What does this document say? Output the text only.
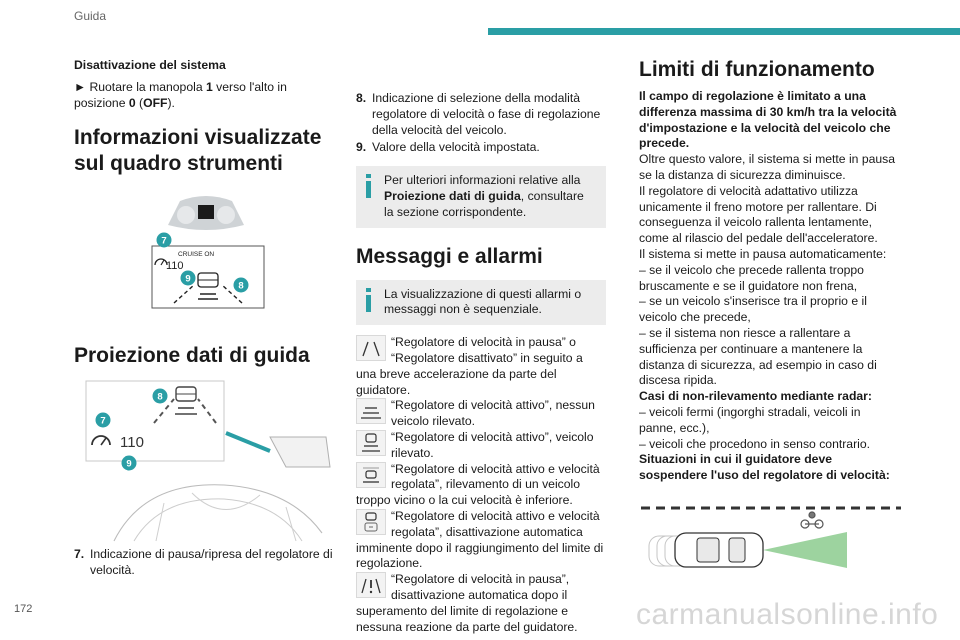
Guida
172	carmanualsonline.info

Disattivazione del sistema

► Ruotare la manopola 1 verso l'alto in posizione 0 (OFF).

Informazioni visualizzate sul quadro strumenti
CRUISE ON
110
7
9
8
Proiezione dati di guida
110
8
7
9
7. Indicazione di pausa/ripresa del regolatore di velocità.
8. Indicazione di selezione della modalità regolatore di velocità o fase di regolazione della velocità del veicolo.
9. Valore della velocità impostata.

Per ulteriori informazioni relative alla Proiezione dati di guida, consultare la sezione corrispondente.

Messaggi e allarmi

La visualizzazione di questi allarmi o messaggi non è sequenziale.

“Regolatore di velocità in pausa” o “Regolatore disattivato” in seguito a una breve accelerazione da parte del guidatore.

“Regolatore di velocità attivo”, nessun veicolo rilevato.

“Regolatore di velocità attivo”, veicolo rilevato.

“Regolatore di velocità attivo e velocità regolata”, rilevamento di un veicolo troppo vicino o la cui velocità è inferiore.

“Regolatore di velocità attivo e velocità regolata”, disattivazione automatica imminente dopo il raggiungimento del limite di regolazione.

“Regolatore di velocità in pausa”, disattivazione automatica dopo il superamento del limite di regolazione e nessuna reazione da parte del guidatore.

Limiti di funzionamento

Il campo di regolazione è limitato a una differenza massima di 30 km/h tra la velocità d'impostazione e la velocità del veicolo che precede.

Oltre questo valore, il sistema si mette in pausa se la distanza di sicurezza diminuisce.

Il regolatore di velocità adattativo utilizza unicamente il freno motore per rallentare. Di conseguenza il veicolo rallenta lentamente, come al rilascio del pedale dell'acceleratore.

Il sistema si mette in pausa automaticamente:

– se il veicolo che precede rallenta troppo bruscamente e se il guidatore non frena,

– se un veicolo s'inserisce tra il proprio e il veicolo che precede,

– se il sistema non riesce a rallentare a sufficienza per continuare a mantenere la distanza di sicurezza, ad esempio in caso di discesa ripida.

Casi di non-rilevamento mediante radar:

– veicoli fermi (ingorghi stradali, veicoli in panne, ecc.),

– veicoli che procedono in senso contrario.

Situazioni in cui il guidatore deve sospendere l'uso del regolatore di velocità:
